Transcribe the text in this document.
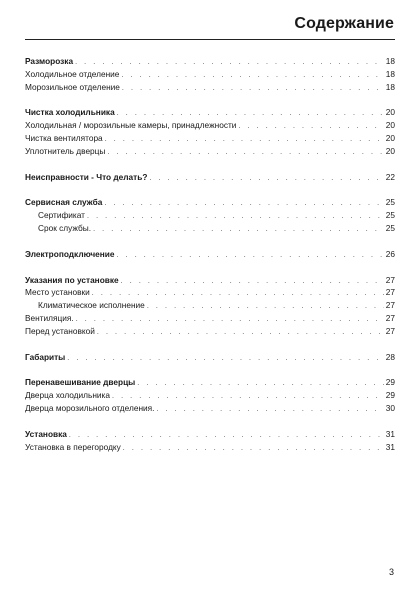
Содержание
Разморозка . . .	18
Холодильное отделение . . .	18
Морозильное отделение . . .	18
Чистка холодильника . . .	20
Холодильная / морозильные камеры, принадлежности . . .	20
Чистка вентилятора . . .	20
Уплотнитель дверцы . . .	20
Неисправности - Что делать? . . .	22
Сервисная служба . . .	25
Сертификат . . .	25
Срок службы. . . .	25
Электроподключение . . .	26
Указания по установке . . .	27
Место установки . . .	27
Климатическое исполнение . . .	27
Вентиляция. . . .	27
Перед установкой . . .	27
Габариты . . .	28
Перенавешивание дверцы . . .	29
Дверца холодильника . . .	29
Дверца морозильного отделения. . . .	30
Установка . . .	31
Установка в перегородку . . .	31
3
